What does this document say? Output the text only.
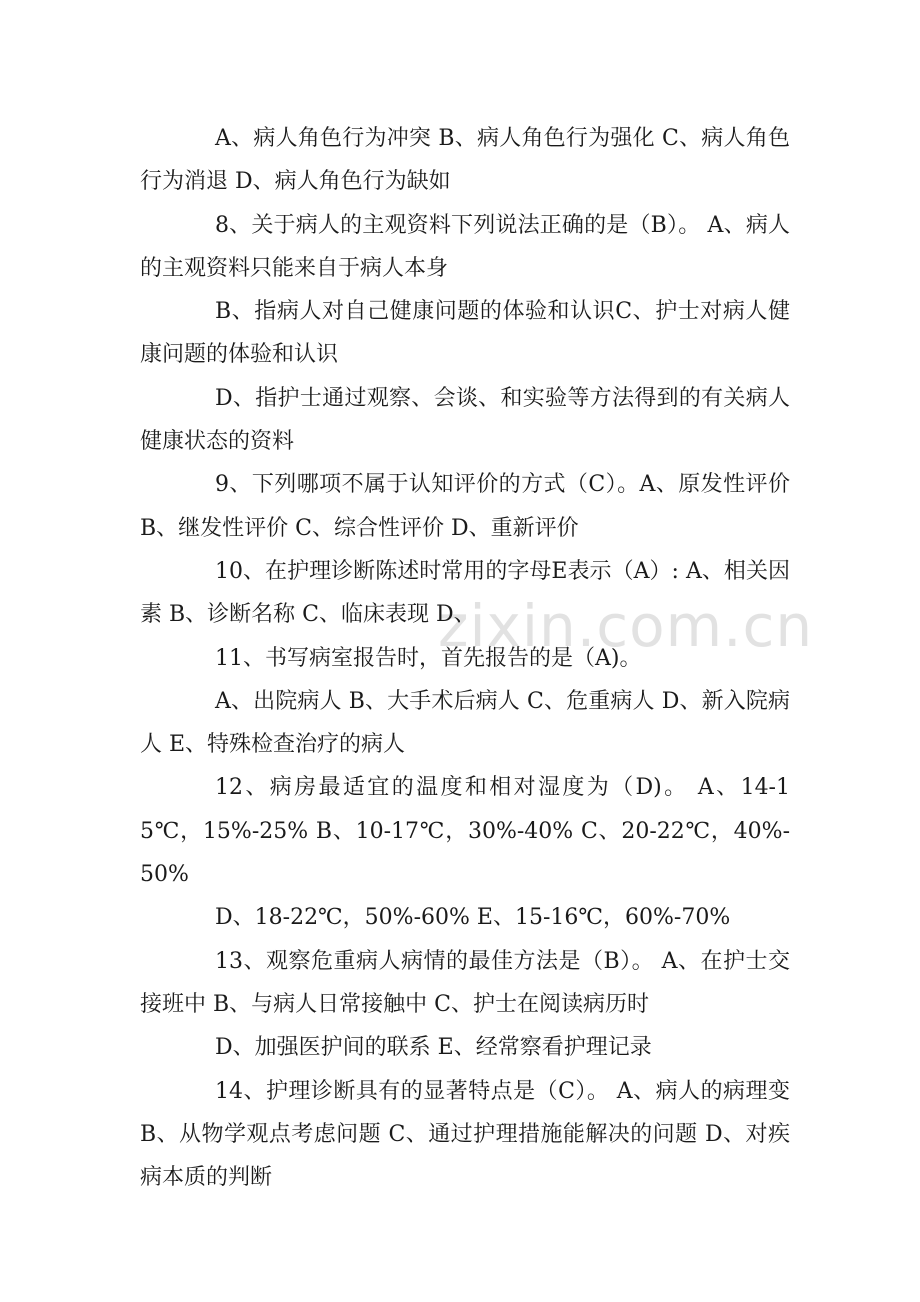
zixin.com.cn

A、病人角色行为冲突 B、病人角色行为强化 C、病人角色行为消退 D、病人角色行为缺如

8、关于病人的主观资料下列说法正确的是（B）。 A、病人的主观资料只能来自于病人本身

B、指病人对自己健康问题的体验和认识C、护士对病人健康问题的体验和认识

D、指护士通过观察、会谈、和实验等方法得到的有关病人健康状态的资料

9、下列哪项不属于认知评价的方式（C）。A、原发性评价 B、继发性评价 C、综合性评价 D、重新评价

10、在护理诊断陈述时常用的字母E表示（A）: A、相关因素 B、诊断名称 C、临床表现 D、

11、书写病室报告时，首先报告的是（A)。

A、出院病人 B、大手术后病人 C、危重病人 D、新入院病人 E、特殊检查治疗的病人

12、病房最适宜的温度和相对湿度为（D)。 A、14-15℃，15%-25% B、10-17℃，30%-40% C、20-22℃，40%-50%

D、18-22℃，50%-60% E、15-16℃，60%-70%

13、观察危重病人病情的最佳方法是（B）。 A、在护士交接班中 B、与病人日常接触中 C、护士在阅读病历时

D、加强医护间的联系 E、经常察看护理记录

14、护理诊断具有的显著特点是（C）。 A、病人的病理变 B、从物学观点考虑问题 C、通过护理措施能解决的问题 D、对疾病本质的判断
